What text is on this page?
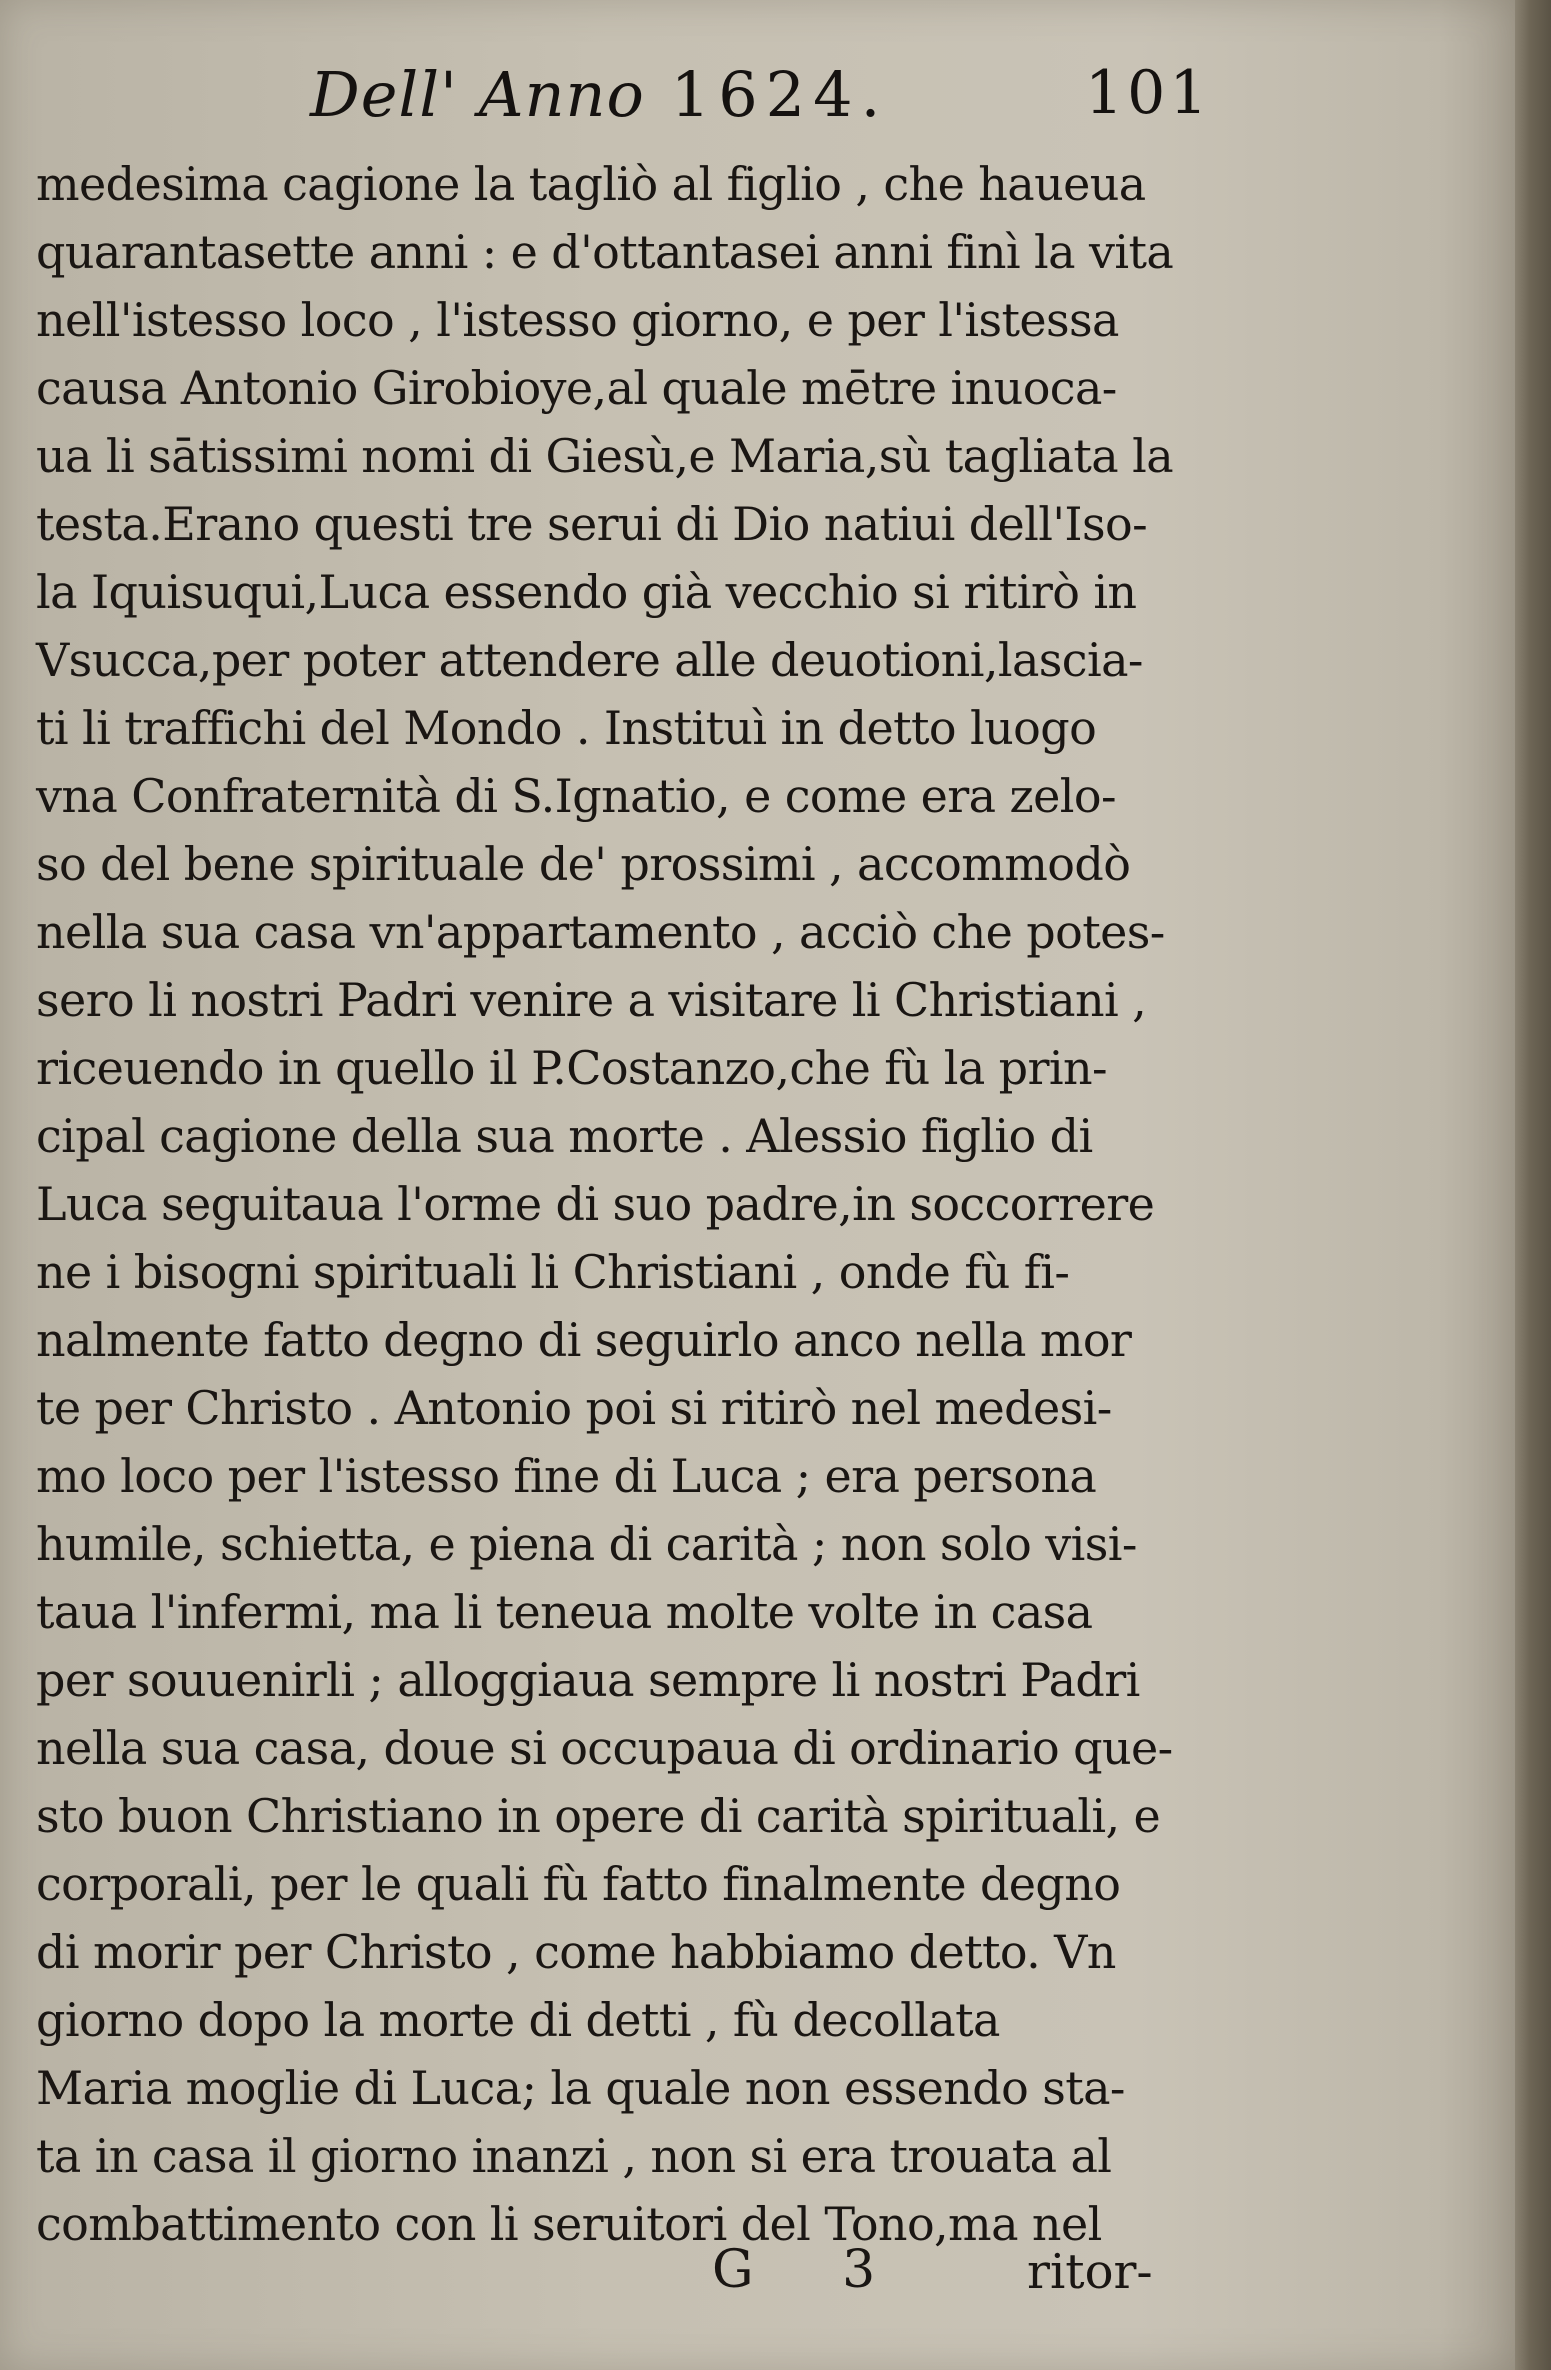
Dell' Anno 1624.	101
medesima cagione la tagliò al figlio , che haueua
quarantasette anni : e d'ottantasei anni finì la vita
nell'istesso loco , l'istesso giorno, e per l'istessa
causa Antonio Girobioye,al quale mētre inuoca-
ua li sātissimi nomi di Giesù,e Maria,sù tagliata la
testa.Erano questi tre serui di Dio natiui dell'Iso-
la Iquisuqui,Luca essendo già vecchio si ritirò in
Vsucca,per poter attendere alle deuotioni,lascia-
ti li traffichi del Mondo . Instituì in detto luogo
vna Confraternità di S.Ignatio, e come era zelo-
so del bene spirituale de' prossimi , accommodò
nella sua casa vn'appartamento , acciò che potes-
sero li nostri Padri venire a visitare li Christiani ,
riceuendo in quello il P.Costanzo,che fù la prin-
cipal cagione della sua morte . Alessio figlio di
Luca seguitaua l'orme di suo padre,in soccorrere
ne i bisogni spirituali li Christiani , onde fù fi-
nalmente fatto degno di seguirlo anco nella mor
te per Christo . Antonio poi si ritirò nel medesi-
mo loco per l'istesso fine di Luca ; era persona
humile, schietta, e piena di carità ; non solo visi-
taua l'infermi, ma li teneua molte volte in casa
per souuenirli ; alloggiaua sempre li nostri Padri
nella sua casa, doue si occupaua di ordinario que-
sto buon Christiano in opere di carità spirituali, e
corporali, per le quali fù fatto finalmente degno
di morir per Christo , come habbiamo detto. Vn
giorno dopo la morte di detti , fù decollata
Maria moglie di Luca; la quale non essendo sta-
ta in casa il giorno inanzi , non si era trouata al
combattimento con li seruitori del Tono,ma nel
G 3 ritor-
